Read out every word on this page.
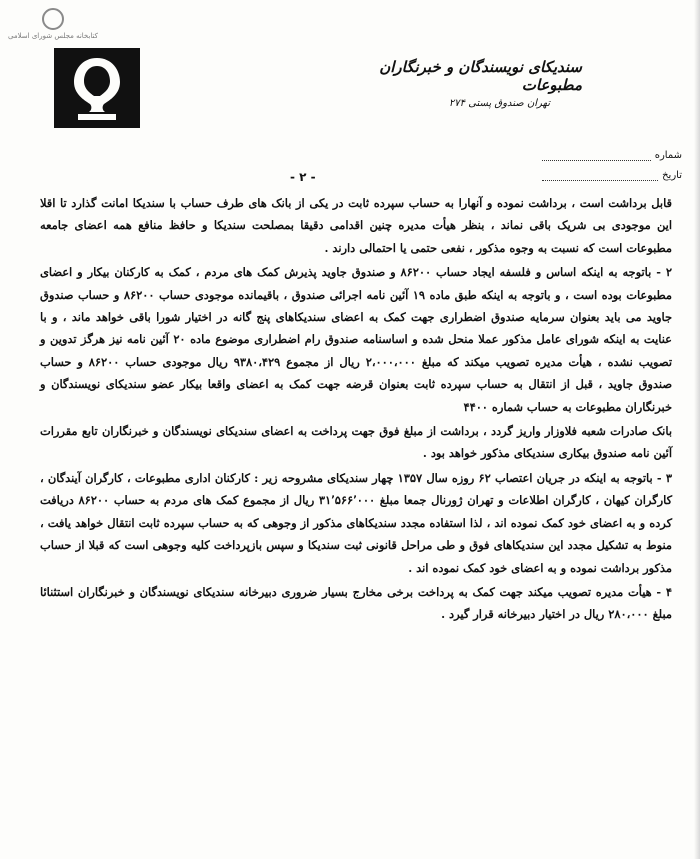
کتابخانه مجلس شورای اسلامی
سندیکای نویسندگان و خبرنگاران مطبوعات
تهران صندوق پستی ۲۷۴
شماره
تاریخ
- ۲ -

قابل برداشت است ، برداشت نموده و آنهارا به حساب سپرده ثابت در یکی از بانک های طرف حساب با سندیکا امانت گذارد تا اقلا این موجودی بی شریک باقی نماند ، بنظر هیأت مدیره چنین اقدامی دقیقا بمصلحت سندیکا و حافظ منافع همه اعضای جامعه مطبوعات است که نسبت به وجوه مذکور ، نفعی حتمی یا احتمالی دارند .

۲ - باتوجه به اینکه اساس و فلسفه ایجاد حساب ۸۶۲۰۰ و صندوق جاوید پذیرش کمک های مردم ، کمک به کارکنان بیکار و اعضای مطبوعات بوده است ، و باتوجه به اینکه طبق ماده ۱۹ آئین نامه اجرائی صندوق ، باقیمانده موجودی حساب ۸۶۲۰۰ و حساب صندوق جاوید می باید بعنوان سرمایه صندوق اضطراری جهت کمک به اعضای سندیکاهای پنج گانه در اختیار شورا باقی خواهد ماند ، و با عنایت به اینکه شورای عامل مذکور عملا منحل شده و اساسنامه صندوق رام اضطراری موضوع ماده ۲۰ آئین نامه نیز هرگز تدوین و تصویب نشده ، هیأت مدیره تصویب میکند که مبلغ ۲،۰۰۰،۰۰۰ ریال از مجموع ۹۳۸۰،۴۲۹ ریال موجودی حساب ۸۶۲۰۰ و حساب صندوق جاوید ، قبل از انتقال به حساب سپرده ثابت بعنوان قرضه جهت کمک به اعضای واقعا بیکار عضو سندیکای نویسندگان و خبرنگاران مطبوعات به حساب شماره ۴۴۰۰

بانک صادرات شعبه فلاوزار واریز گردد ، برداشت از مبلغ فوق جهت پرداخت به اعضای سندیکای نویسندگان و خبرنگاران تابع مقررات آئین نامه صندوق بیکاری سندیکای مذکور خواهد بود .

۳ - باتوجه به اینکه در جریان اعتصاب ۶۲ روزه سال ۱۳۵۷ چهار سندیکای مشروحه زیر : کارکنان اداری مطبوعات ، کارگران آیندگان ، کارگران کیهان ، کارگران اطلاعات و تهران ژورنال جمعا مبلغ ۳۱٬۵۶۶٬۰۰۰ ریال از مجموع کمک های مردم به حساب ۸۶۲۰۰ دریافت کرده و به اعضای خود کمک نموده اند ، لذا استفاده مجدد سندیکاهای مذکور از وجوهی که به حساب سپرده ثابت انتقال خواهد یافت ، منوط به تشکیل مجدد این سندیکاهای فوق و طی مراحل قانونی ثبت سندیکا و سپس بازپرداخت کلیه وجوهی است که قبلا از حساب مذکور برداشت نموده و به اعضای خود کمک نموده اند .

۴ - هیأت مدیره تصویب میکند جهت کمک به پرداخت برخی مخارج بسیار ضروری دبیرخانه سندیکای نویسندگان و خبرنگاران استثنائا مبلغ ۲۸۰،۰۰۰ ریال در اختیار دبیرخانه قرار گیرد .
